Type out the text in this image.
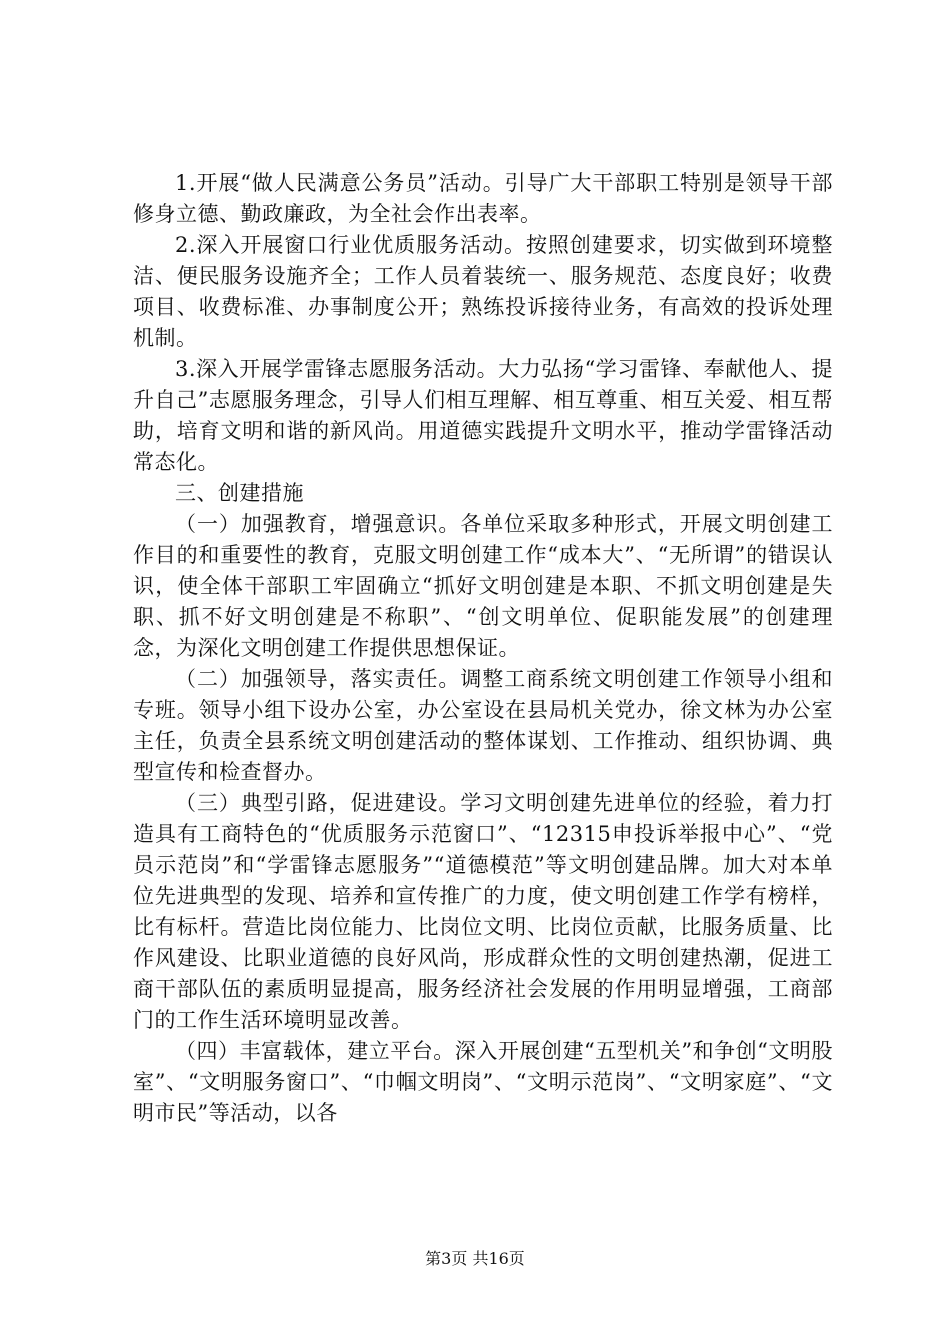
1.开展“做人民满意公务员”活动。引导广大干部职工特别是领导干部修身立德、勤政廉政，为全社会作出表率。

2.深入开展窗口行业优质服务活动。按照创建要求，切实做到环境整洁、便民服务设施齐全；工作人员着装统一、服务规范、态度良好；收费项目、收费标准、办事制度公开；熟练投诉接待业务，有高效的投诉处理机制。

3.深入开展学雷锋志愿服务活动。大力弘扬“学习雷锋、奉献他人、提升自己”志愿服务理念，引导人们相互理解、相互尊重、相互关爱、相互帮助，培育文明和谐的新风尚。用道德实践提升文明水平，推动学雷锋活动常态化。

三、创建措施

（一）加强教育，增强意识。各单位采取多种形式，开展文明创建工作目的和重要性的教育，克服文明创建工作“成本大”、“无所谓”的错误认识，使全体干部职工牢固确立“抓好文明创建是本职、不抓文明创建是失职、抓不好文明创建是不称职”、“创文明单位、促职能发展”的创建理念，为深化文明创建工作提供思想保证。

（二）加强领导，落实责任。调整工商系统文明创建工作领导小组和专班。领导小组下设办公室，办公室设在县局机关党办，徐文林为办公室主任，负责全县系统文明创建活动的整体谋划、工作推动、组织协调、典型宣传和检查督办。

（三）典型引路，促进建设。学习文明创建先进单位的经验，着力打造具有工商特色的“优质服务示范窗口”、“12315申投诉举报中心”、“党员示范岗”和“学雷锋志愿服务”“道德模范”等文明创建品牌。加大对本单位先进典型的发现、培养和宣传推广的力度，使文明创建工作学有榜样，比有标杆。营造比岗位能力、比岗位文明、比岗位贡献，比服务质量、比作风建设、比职业道德的良好风尚，形成群众性的文明创建热潮，促进工商干部队伍的素质明显提高，服务经济社会发展的作用明显增强，工商部门的工作生活环境明显改善。

（四）丰富载体，建立平台。深入开展创建“五型机关”和争创“文明股室”、“文明服务窗口”、“巾帼文明岗”、“文明示范岗”、“文明家庭”、“文明市民”等活动，以各

第3页 共16页
